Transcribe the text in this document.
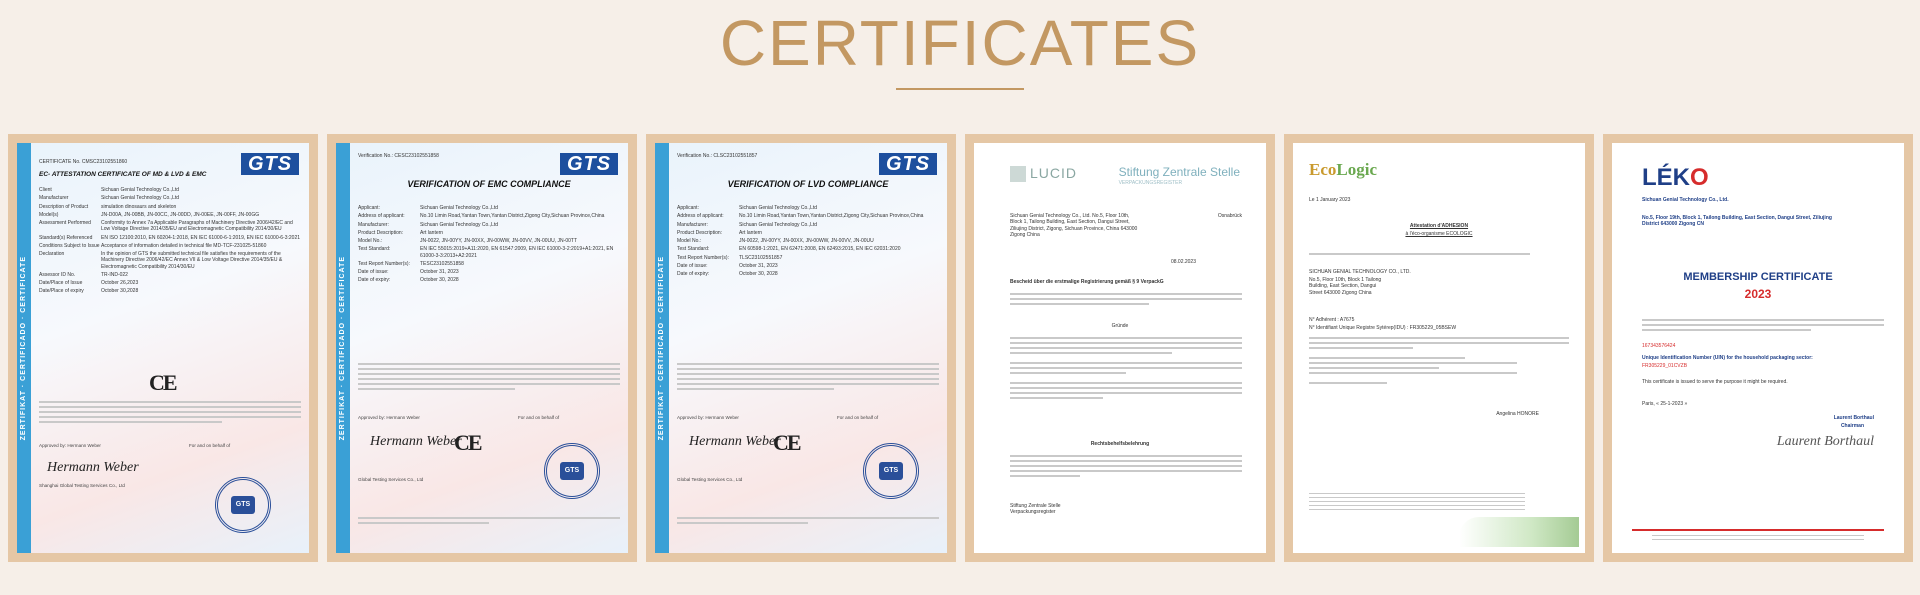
CERTIFICATES
ZERTIFIKAT · CERTIFICADO · CERTIFICATE
CERTIFICATE No. CMSC23102551860	GTS
EC- ATTESTATION CERTIFICATE OF MD & LVD & EMC
Client	Sichuan Genial Technology Co.,Ltd
Manufacturer	Sichuan Genial Technology Co.,Ltd
Description of Product	simulation dinosaurs and skeleton
Model(s)	JN-D00A, JN-00BB, JN-00CC, JN-00DD, JN-00EE, JN-00FF, JN-00GG
Assessment Performed	Conformity to Annex 7a Applicable Paragraphs of Machinery Directive 2006/42/EC and Low Voltage Directive 2014/35/EU and Electromagnetic Compatibility 2014/30/EU
Standard(s) Referenced	EN ISO 12100:2010, EN 60204-1:2018, EN IEC 61000-6-1:2019, EN IEC 61000-6-3:2021
Conditions Subject to Issue Acceptance of information detailed in technical file MD-TCF-231025-51860
Declaration	In the opinion of GTS the submitted technical file satisfies the requirements of the Machinery Directive 2006/42/EC Annex VII & Low Voltage Directive 2014/35/EU & Electromagnetic Compatibility 2014/30/EU
Assessor ID No.	TR-IND-022
Date/Place of Issue	October 26,2023
Date/Place of expiry	October 30,2028
CE
Approved by: Hermann Weber	For and on behalf of
Hermann Weber
Shanghai Global Testing Services Co., Ltd
GTS
ZERTIFIKAT · CERTIFICADO · CERTIFICATE
Verification No.: CESC23102551858	GTS
VERIFICATION OF EMC COMPLIANCE
Applicant:	Sichuan Genial Technology Co.,Ltd
Address of applicant:	No.10 Limin Road,Yantan Town,Yantan District,Zigong City,Sichuan Province,China
Manufacturer:	Sichuan Genial Technology Co.,Ltd
Product Description:	Art lantern
Model No.:	JN-0022, JN-00YY, JN-00XX, JN-00WW, JN-00VV, JN-00UU, JN-00TT
Test Standard:	EN IEC 55015:2019+A11:2020, EN 61547:2009, EN IEC 61000-3-2:2019+A1:2021, EN 61000-3-3:2013+A2:2021
Test Report Number(s):	TESC23102551858
Date of issue:	October 31, 2023
Date of expiry:	October 30, 2028
Approved by: Hermann Weber	For and on behalf of
Hermann Weber
CE
Global Testing Services Co., Ltd
GTS
ZERTIFIKAT · CERTIFICADO · CERTIFICATE
Verification No.: CLSC23102551857	GTS
VERIFICATION OF LVD COMPLIANCE
Applicant:	Sichuan Genial Technology Co.,Ltd
Address of applicant:	No.10 Limin Road,Yantan Town,Yantan District,Zigong City,Sichuan Province,China
Manufacturer:	Sichuan Genial Technology Co.,Ltd
Product Description:	Art lantern
Model No.:	JN-0022, JN-00YY, JN-00XX, JN-00WW, JN-00VV, JN-00UU
Test Standard:	EN 60598-1:2021, EN 62471:2008, EN 62493:2015, EN IEC 62031:2020
Test Report Number(s):	TLSC23102551857
Date of issue:	October 31, 2023
Date of expiry:	October 30, 2028
Approved by: Hermann Weber	For and on behalf of
Hermann Weber
CE
Global Testing Services Co., Ltd
GTS
LUCID	Stiftung Zentrale Stelle
VERPACKUNGSREGISTER
Sichuan Genial Technology Co., Ltd. No.5, Floor 10th, Block 1, Tailong Building, East Section, Dangui Street, Ziliujing District, Zigong, Sichuan Province, China 643000 Zigong China
Osnabrück
08.02.2023
Bescheid über die erstmalige Registrierung gemäß § 9 VerpackG
Gründe
Rechtsbehelfsbelehrung
Stiftung Zentrale Stelle Verpackungsregister
EcoLogic
Le 1 January 2023
Attestation d'ADHESION
à l'éco-organisme ECOLOGIC
SICHUAN GENIAL TECHNOLOGY CO., LTD.
No.5, Floor 10th, Block 1 Tailong Building, East Section, Dangui Street 643000 Zigong China
N° Adhérent : A7675
N° Identifiant Unique Registre Sytérep(IDU) : FR305229_05BSEW
Angelina HONORE
LÉKO
Sichuan Genial Technology Co., Ltd.
No.5, Floor 19th, Block 1, Tailong Building, East Section, Dangui Street, Ziliujing District 643000 Zigong CN
MEMBERSHIP CERTIFICATE
2023
167343576424
Unique Identification Number (UIN) for the household packaging sector:
FR305229_01CVZB
This certificate is issued to serve the purpose it might be required.
Paris, « 25-1-2023 »
Laurent Borthaul
Chairman
Laurent Borthaul
